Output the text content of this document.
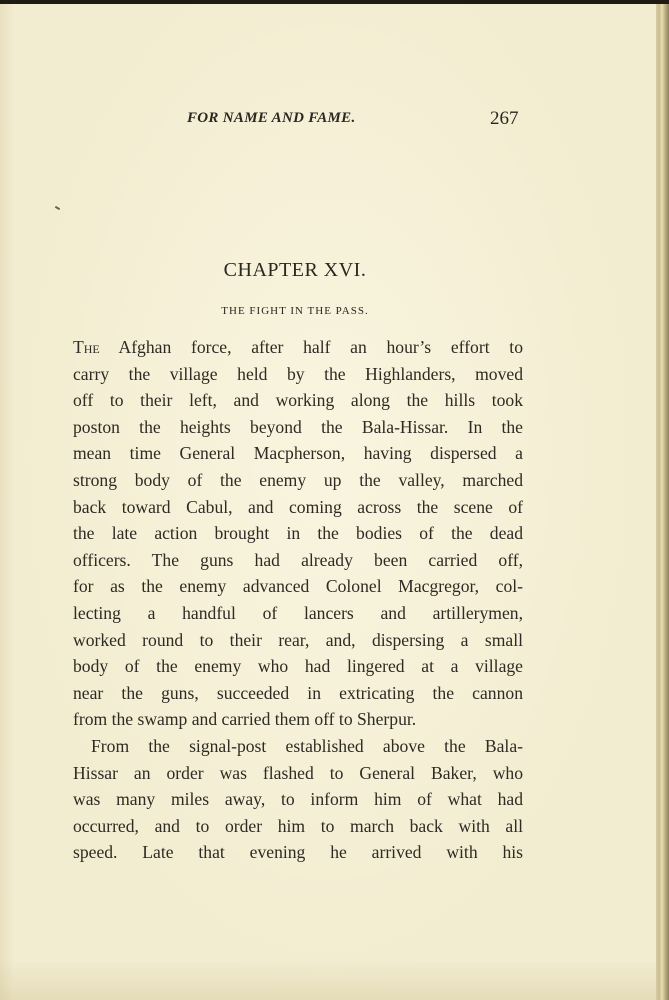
FOR NAME AND FAME.	267
CHAPTER XVI.
THE FIGHT IN THE PASS.
The Afghan force, after half an hour’s effort to
carry the village held by the Highlanders, moved
off to their left, and working along the hills took
poston the heights beyond the Bala-Hissar. In the
mean time General Macpherson, having dispersed a
strong body of the enemy up the valley, marched
back toward Cabul, and coming across the scene of
the late action brought in the bodies of the dead
officers. The guns had already been carried off,
for as the enemy advanced Colonel Macgregor, col-
lecting a handful of lancers and artillerymen,
worked round to their rear, and, dispersing a small
body of the enemy who had lingered at a village
near the guns, succeeded in extricating the cannon
from the swamp and carried them off to Sherpur.
From the signal-post established above the Bala-
Hissar an order was flashed to General Baker, who
was many miles away, to inform him of what had
occurred, and to order him to march back with all
speed. Late that evening he arrived with his
